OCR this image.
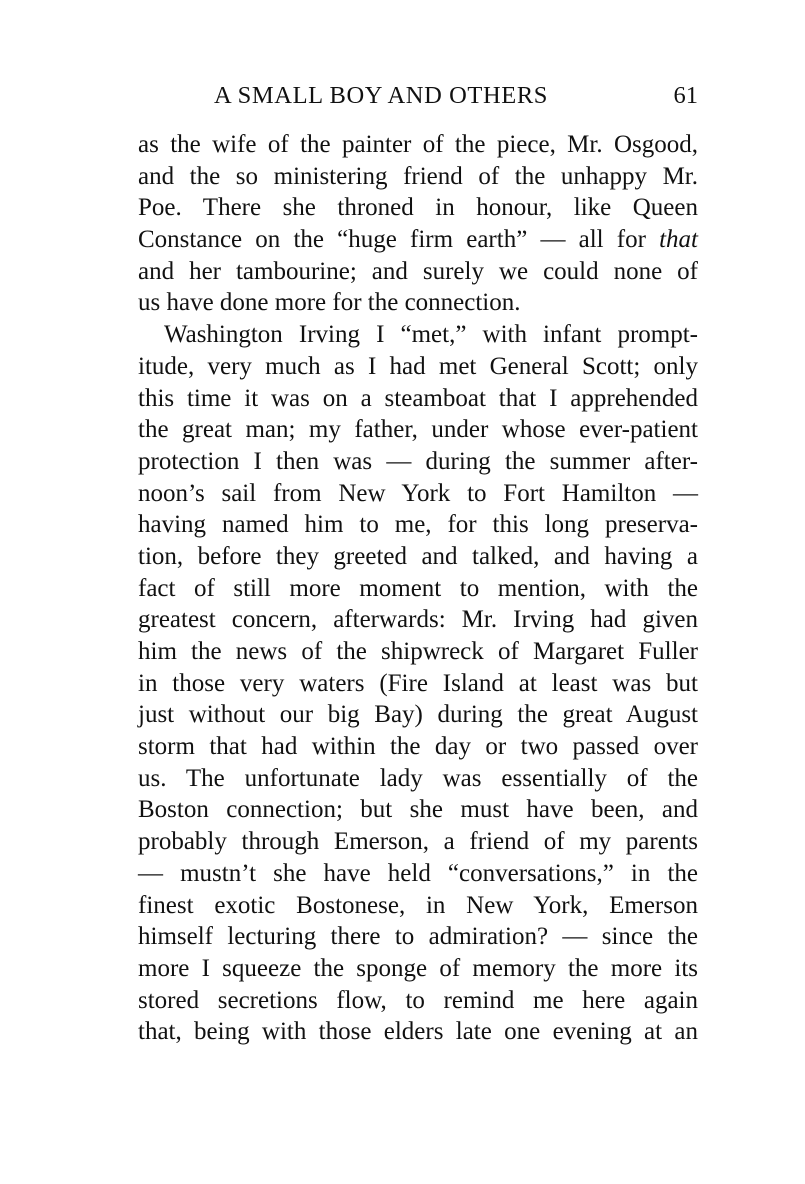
A SMALL BOY AND OTHERS	61
as the wife of the painter of the piece, Mr. Osgood,
and the so ministering friend of the unhappy Mr.
Poe. There she throned in honour, like Queen
Constance on the “huge firm earth” — all for that
and her tambourine; and surely we could none of
us have done more for the connection.
Washington Irving I “met,” with infant prompt-
itude, very much as I had met General Scott; only
this time it was on a steamboat that I apprehended
the great man; my father, under whose ever-patient
protection I then was — during the summer after-
noon’s sail from New York to Fort Hamilton —
having named him to me, for this long preserva-
tion, before they greeted and talked, and having a
fact of still more moment to mention, with the
greatest concern, afterwards: Mr. Irving had given
him the news of the shipwreck of Margaret Fuller
in those very waters (Fire Island at least was but
just without our big Bay) during the great August
storm that had within the day or two passed over
us. The unfortunate lady was essentially of the
Boston connection; but she must have been, and
probably through Emerson, a friend of my parents
— mustn’t she have held “conversations,” in the
finest exotic Bostonese, in New York, Emerson
himself lecturing there to admiration? — since the
more I squeeze the sponge of memory the more its
stored secretions flow, to remind me here again
that, being with those elders late one evening at an
